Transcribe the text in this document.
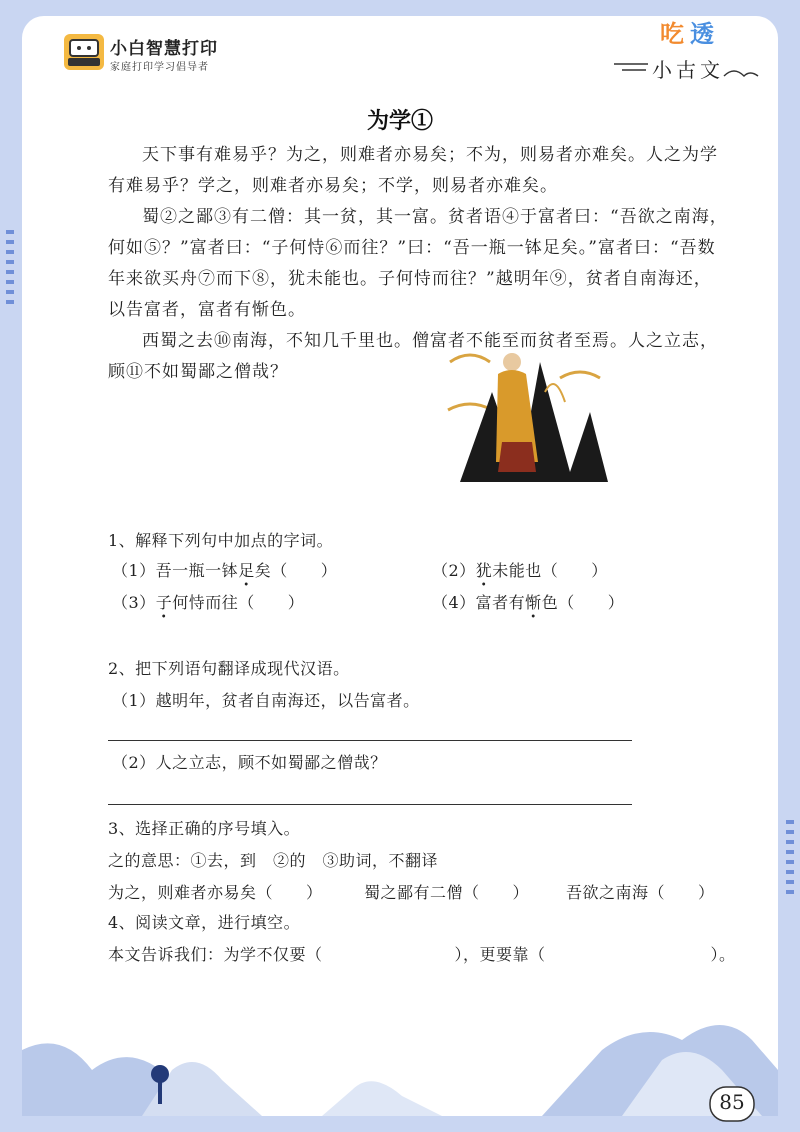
小白智慧打印
家庭打印学习倡导者
吃 透
小古文
为学①

天下事有难易乎？为之，则难者亦易矣；不为，则易者亦难矣。人之为学有难易乎？学之，则难者亦易矣；不学，则易者亦难矣。

蜀②之鄙③有二僧：其一贫，其一富。贫者语④于富者曰：“吾欲之南海，何如⑤？”富者曰：“子何恃⑥而往？”曰：“吾一瓶一钵足矣。”富者曰：“吾数年来欲买舟⑦而下⑧，犹未能也。子何恃而往？”越明年⑨，贫者自南海还，以告富者，富者有惭色。

西蜀之去⑩南海，不知几千里也。僧富者不能至而贫者至焉。人之立志，顾⑪不如蜀鄙之僧哉？

1、解释下列句中加点的字词。
（1）吾一瓶一钵足矣（　　）	（2）犹未能也（　　）
（3）子何恃而往（　　）	（4）富者有惭色（　　）
2、把下列语句翻译成现代汉语。
（1）越明年，贫者自南海还，以告富者。
（2）人之立志，顾不如蜀鄙之僧哉？
3、选择正确的序号填入。
之的意思：①去，到　②的　③助词，不翻译
为之，则难者亦易矣（　　）	蜀之鄙有二僧（　　） 吾欲之南海（　　）
4、阅读文章，进行填空。
本文告诉我们：为学不仅要（　　　　　　　　），更要靠（　　　　　　　　　　）。
85
